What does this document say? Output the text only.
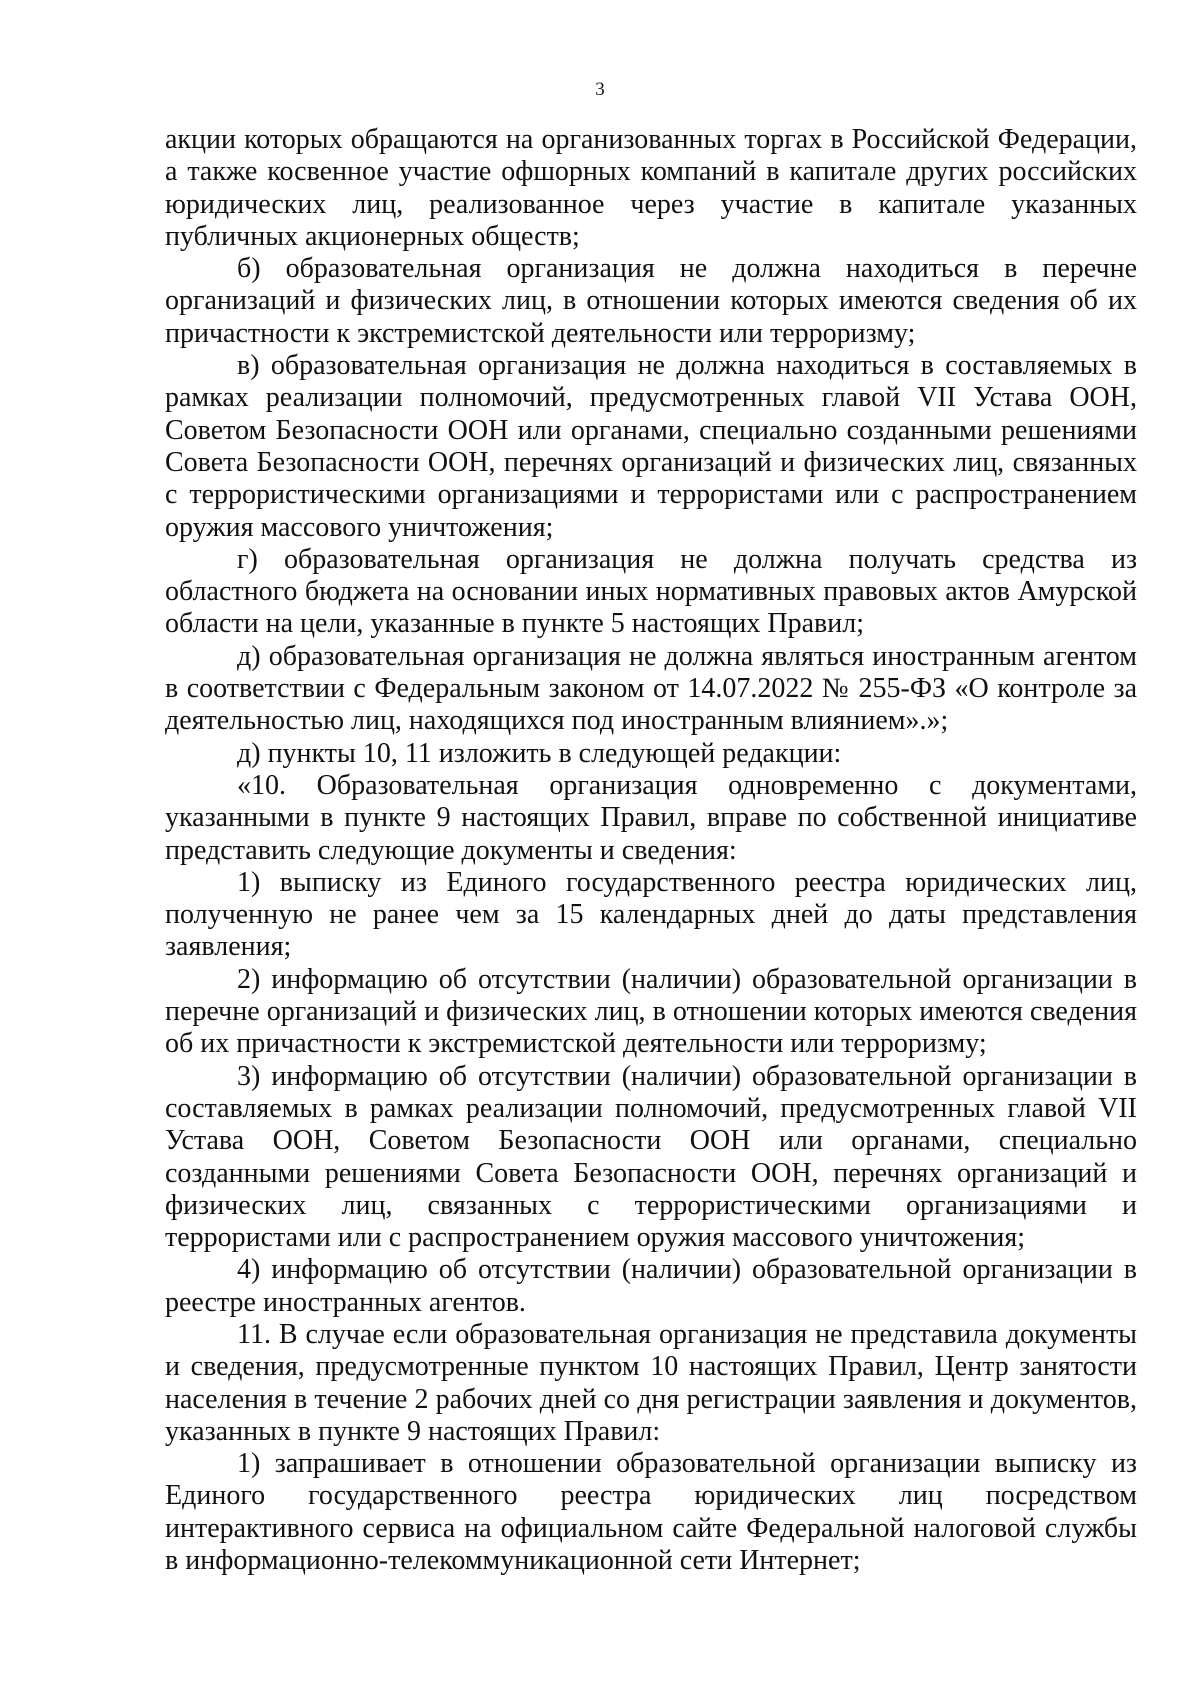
3

акции которых обращаются на организованных торгах в Российской Федерации, а также косвенное участие офшорных компаний в капитале других российских юридических лиц, реализованное через участие в капитале указанных публичных акционерных обществ;

б) образовательная организация не должна находиться в перечне организаций и физических лиц, в отношении которых имеются сведения об их причастности к экстремистской деятельности или терроризму;

в) образовательная организация не должна находиться в составляемых в рамках реализации полномочий, предусмотренных главой VII Устава ООН, Советом Безопасности ООН или органами, специально созданными решениями Совета Безопасности ООН, перечнях организаций и физических лиц, связанных с террористическими организациями и террористами или с распространением оружия массового уничтожения;

г) образовательная организация не должна получать средства из областного бюджета на основании иных нормативных правовых актов Амурской области на цели, указанные в пункте 5 настоящих Правил;

д) образовательная организация не должна являться иностранным агентом в соответствии с Федеральным законом от 14.07.2022 № 255-ФЗ «О контроле за деятельностью лиц, находящихся под иностранным влиянием».»;

д) пункты 10, 11 изложить в следующей редакции:

«10. Образовательная организация одновременно с документами, указанными в пункте 9 настоящих Правил, вправе по собственной инициативе представить следующие документы и сведения:

1) выписку из Единого государственного реестра юридических лиц, полученную не ранее чем за 15 календарных дней до даты представления заявления;

2) информацию об отсутствии (наличии) образовательной организации в перечне организаций и физических лиц, в отношении которых имеются сведения об их причастности к экстремистской деятельности или терроризму;

3) информацию об отсутствии (наличии) образовательной организации в составляемых в рамках реализации полномочий, предусмотренных главой VII Устава ООН, Советом Безопасности ООН или органами, специально созданными решениями Совета Безопасности ООН, перечнях организаций и физических лиц, связанных с террористическими организациями и террористами или с распространением оружия массового уничтожения;

4) информацию об отсутствии (наличии) образовательной организации в реестре иностранных агентов.

11. В случае если образовательная организация не представила документы и сведения, предусмотренные пунктом 10 настоящих Правил, Центр занятости населения в течение 2 рабочих дней со дня регистрации заявления и документов, указанных в пункте 9 настоящих Правил:

1) запрашивает в отношении образовательной организации выписку из Единого государственного реестра юридических лиц посредством интерактивного сервиса на официальном сайте Федеральной налоговой службы в информационно-телекоммуникационной сети Интернет;
